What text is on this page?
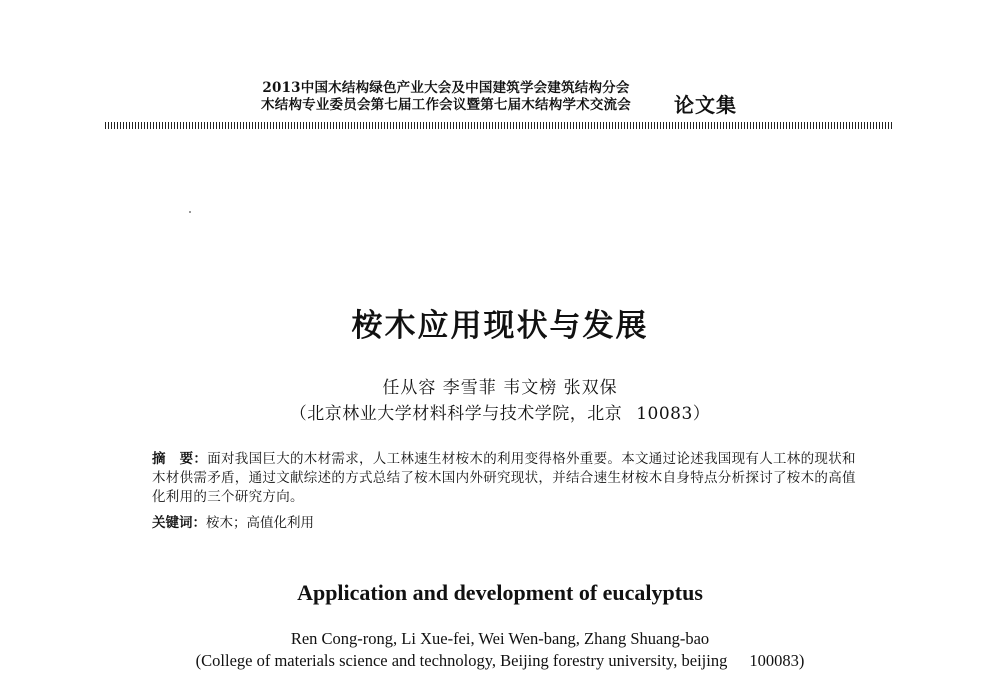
2013中国木结构绿色产业大会及中国建筑学会建筑结构分会
木结构专业委员会第七届工作会议暨第七届木结构学术交流会	论文集
桉木应用现状与发展
任从容 李雪菲 韦文榜 张双保
（北京林业大学材料科学与技术学院，北京 10083）
摘　要：面对我国巨大的木材需求，人工林速生材桉木的利用变得格外重要。本文通过论述我国现有人工林的现状和木材供需矛盾，通过文献综述的方式总结了桉木国内外研究现状，并结合速生材桉木自身特点分析探讨了桉木的高值化利用的三个研究方向。
关键词：桉木；高值化利用
Application and development of eucalyptus
Ren Cong-rong, Li Xue-fei, Wei Wen-bang, Zhang Shuang-bao
(College of materials science and technology, Beijing forestry university, beijing 100083)
